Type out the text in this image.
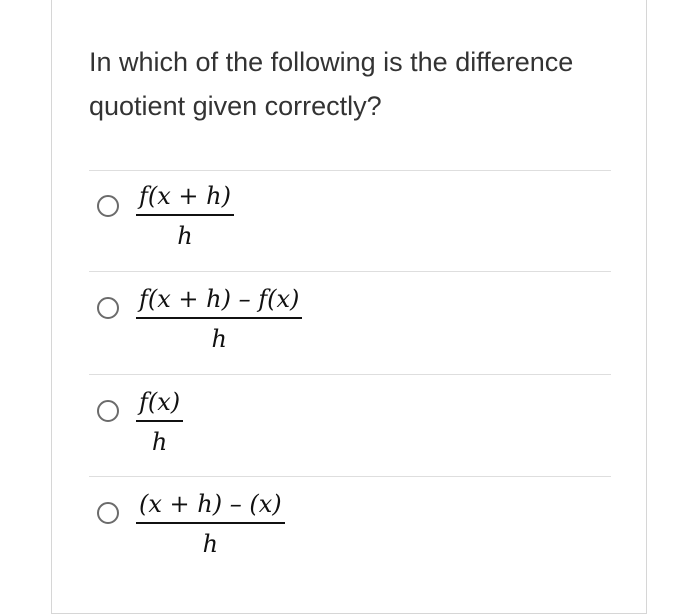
In which of the following is the difference quotient given correctly?

$\frac{f(x + h)}{h}$
$\frac{f(x + h) - f(x)}{h}$
$\frac{f(x)}{h}$
$\frac{(x + h) - (x)}{h}$
